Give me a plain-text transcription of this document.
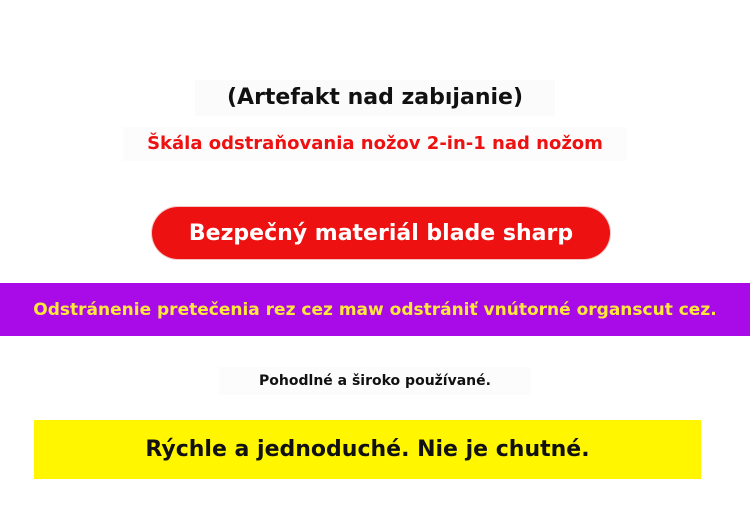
(Artefakt nad zabıjanie)
Škála odstraňovania nožov 2-in-1 nad nožom
Bezpečný materiál blade sharp
Odstránenie pretečenia rez cez maw odstrániť vnútorné organscut cez.
Pohodlné a široko používané.
Rýchle a jednoduché. Nie je chutné.
